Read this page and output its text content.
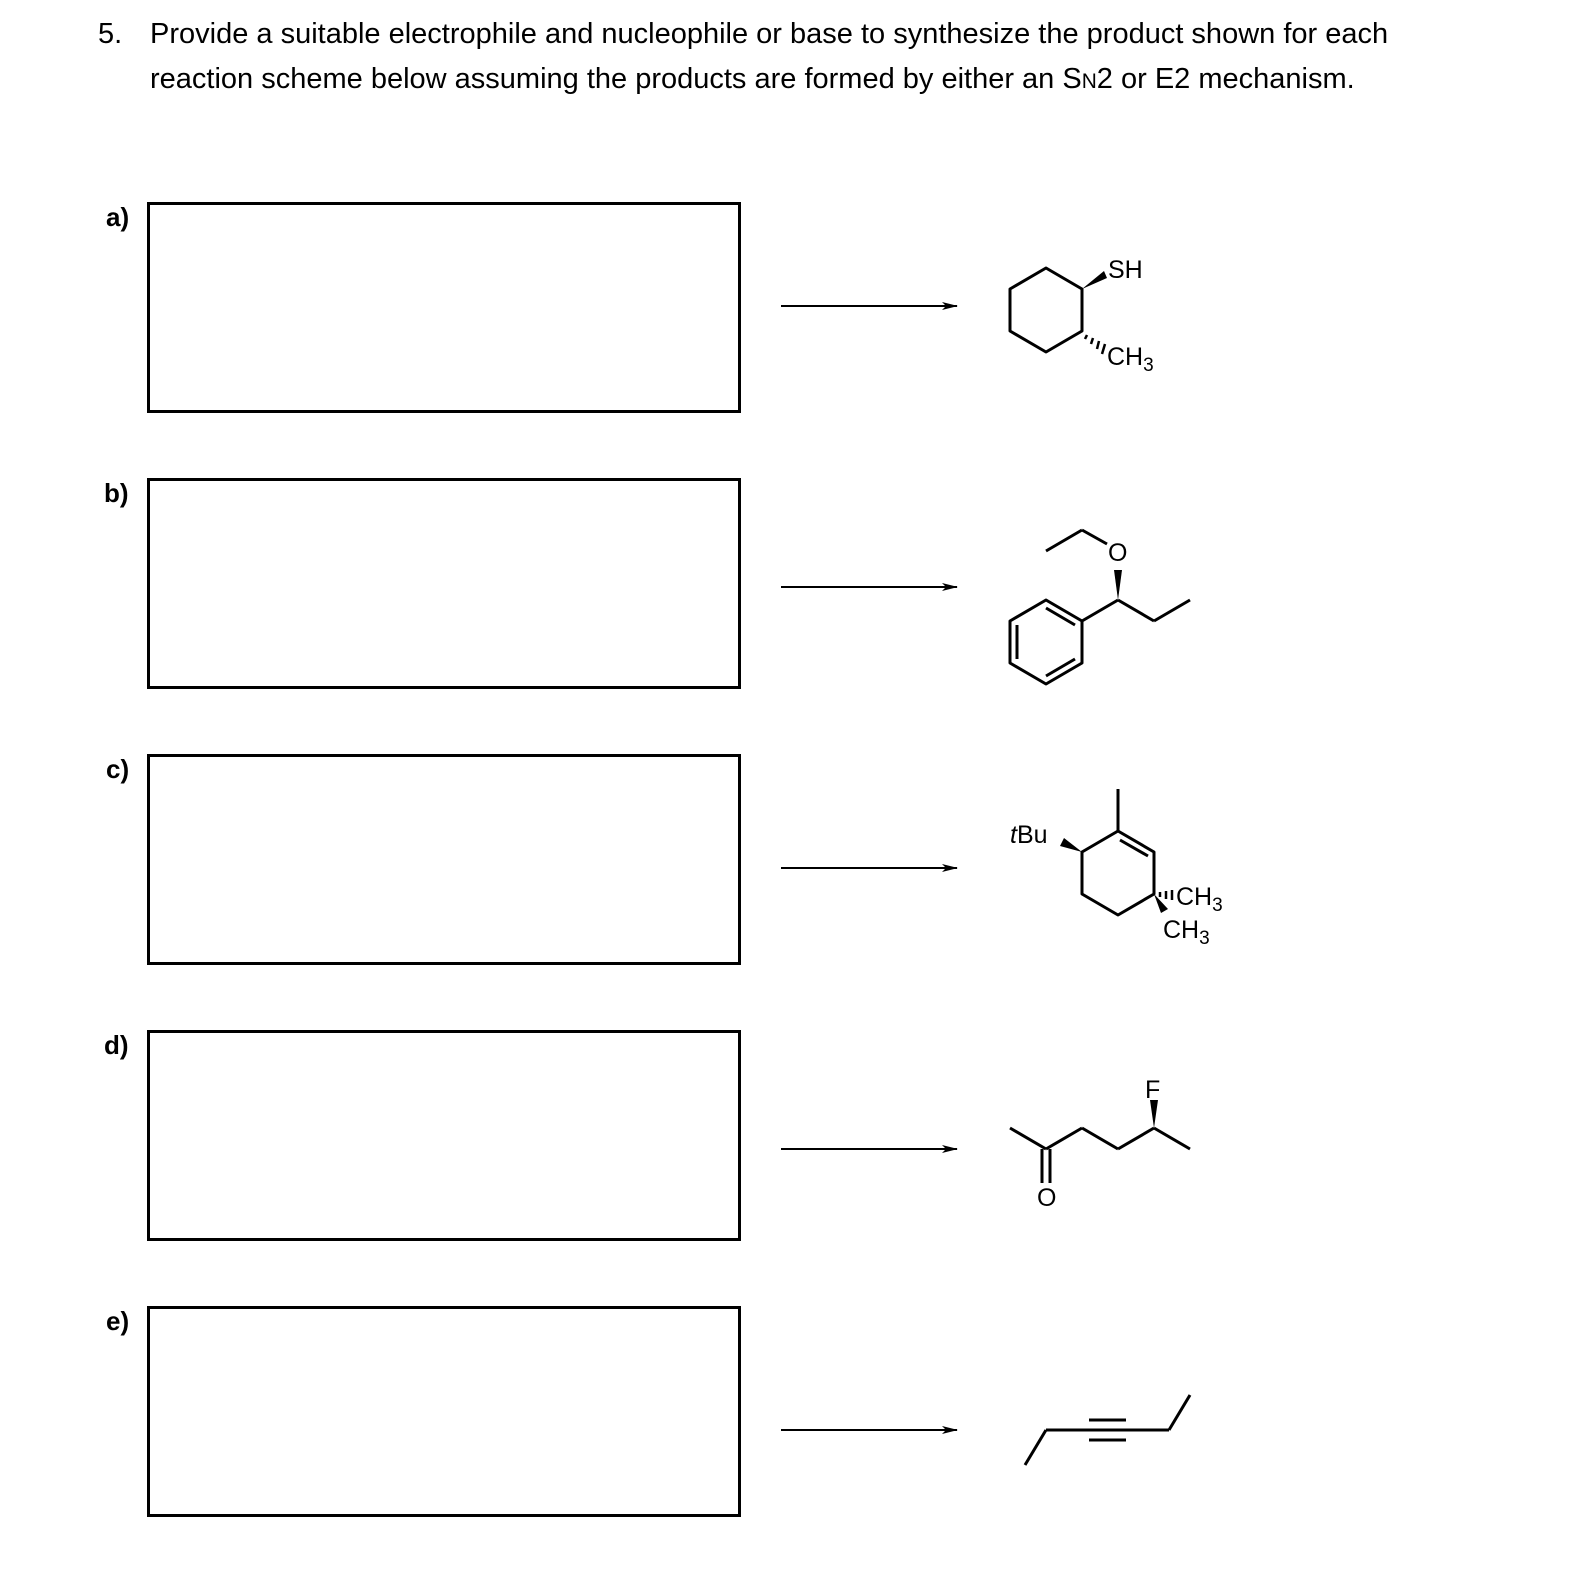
5. Provide a suitable electrophile and nucleophile or base to synthesize the product shown for each reaction scheme below assuming the products are formed by either an SN2 or E2 mechanism.
a)
b)
c)
d)
e)
SH
$CH_3$
O
tBu
$CH_3$
$CH_3$
F
O
